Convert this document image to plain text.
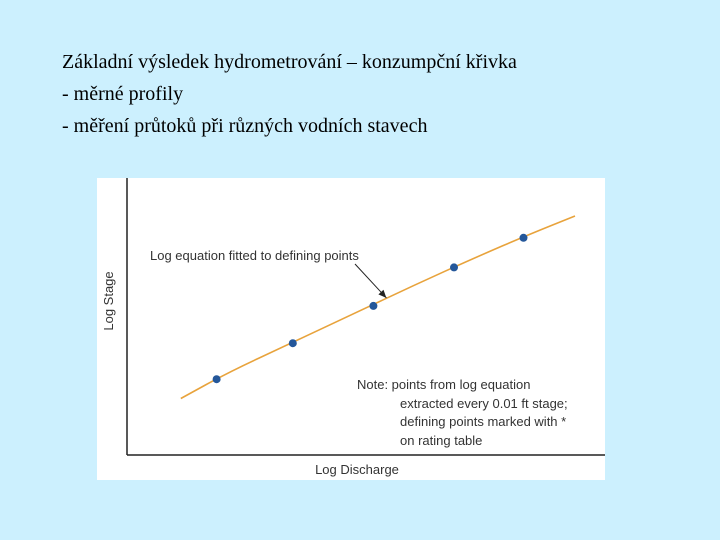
Základní výsledek hydrometrování – konzumpční křivka
- měrné profily
- měření průtoků při různých vodních stavech
Log Stage
Log Discharge
Log equation fitted to defining points
Note: points from log equation
extracted every 0.01 ft stage;
defining points marked with *
on rating table
